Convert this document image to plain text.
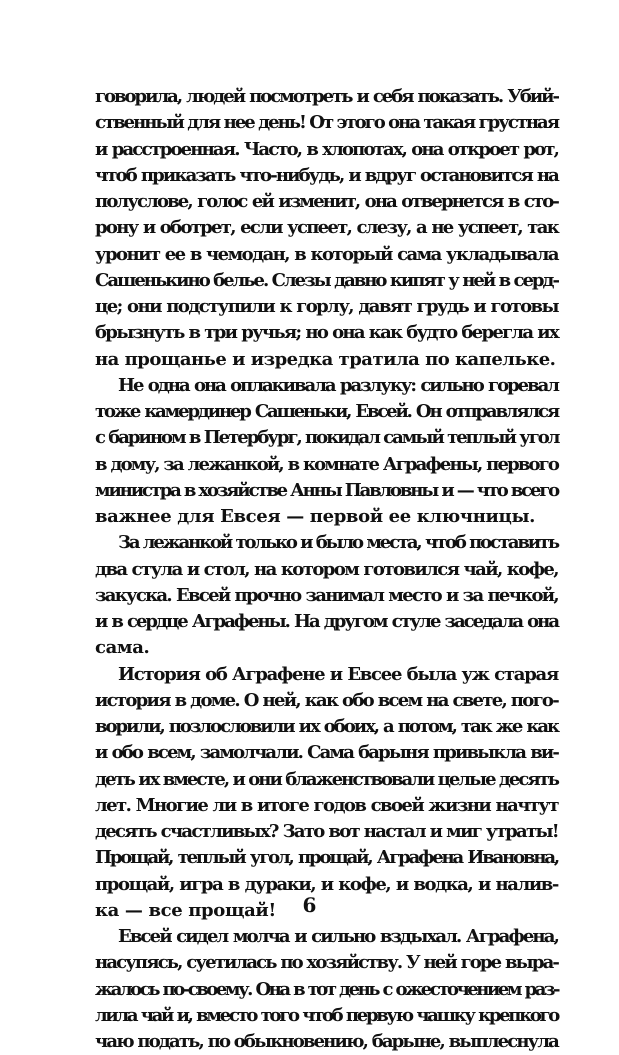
говорила, людей посмотреть и себя показать. Убий-
ственный для нее день! От этого она такая грустная
и расстроенная. Часто, в хлопотах, она откроет рот,
чтоб приказать что-нибудь, и вдруг остановится на
полуслове, голос ей изменит, она отвернется в сто-
рону и оботрет, если успеет, слезу, а не успеет, так
уронит ее в чемодан, в который сама укладывала
Сашенькино белье. Слезы давно кипят у ней в серд-
це; они подступили к горлу, давят грудь и готовы
брызнуть в три ручья; но она как будто берегла их
на прощанье и изредка тратила по капельке.
Не одна она оплакивала разлуку: сильно горевал
тоже камердинер Сашеньки, Евсей. Он отправлялся
с барином в Петербург, покидал самый теплый угол
в дому, за лежанкой, в комнате Аграфены, первого
министра в хозяйстве Анны Павловны и — что всего
важнее для Евсея — первой ее ключницы.
За лежанкой только и было места, чтоб поставить
два стула и стол, на котором готовился чай, кофе,
закуска. Евсей прочно занимал место и за печкой,
и в сердце Аграфены. На другом стуле заседала она
сама.
История об Аграфене и Евсее была уж старая
история в доме. О ней, как обо всем на свете, пого-
ворили, позлословили их обоих, а потом, так же как
и обо всем, замолчали. Сама барыня привыкла ви-
деть их вместе, и они блаженствовали целые десять
лет. Многие ли в итоге годов своей жизни начтут
десять счастливых? Зато вот настал и миг утраты!
Прощай, теплый угол, прощай, Аграфена Ивановна,
прощай, игра в дураки, и кофе, и водка, и налив-
ка — все прощай!
Евсей сидел молча и сильно вздыхал. Аграфена,
насупясь, суетилась по хозяйству. У ней горе выра-
жалось по-своему. Она в тот день с ожесточением раз-
лила чай и, вместо того чтоб первую чашку крепкого
чаю подать, по обыкновению, барыне, выплеснула
6
